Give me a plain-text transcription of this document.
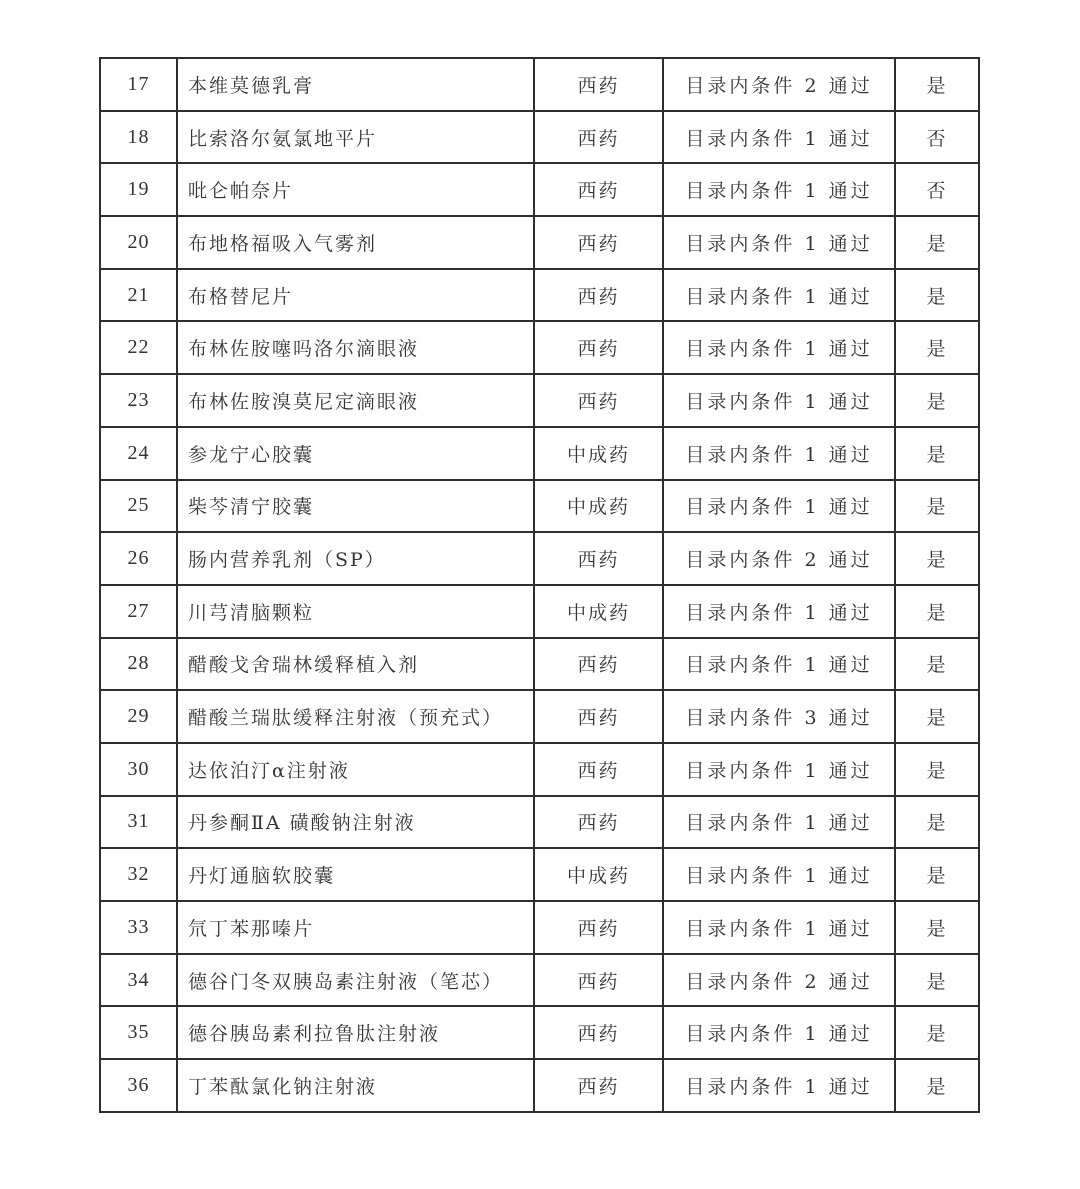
17	本维莫德乳膏	西药	目录内条件 2 通过	是
18	比索洛尔氨氯地平片	西药	目录内条件 1 通过	否
19	吡仑帕奈片	西药	目录内条件 1 通过	否
20	布地格福吸入气雾剂	西药	目录内条件 1 通过	是
21	布格替尼片	西药	目录内条件 1 通过	是
22	布林佐胺噻吗洛尔滴眼液	西药	目录内条件 1 通过	是
23	布林佐胺溴莫尼定滴眼液	西药	目录内条件 1 通过	是
24	参龙宁心胶囊	中成药	目录内条件 1 通过	是
25	柴芩清宁胶囊	中成药	目录内条件 1 通过	是
26	肠内营养乳剂（SP）	西药	目录内条件 2 通过	是
27	川芎清脑颗粒	中成药	目录内条件 1 通过	是
28	醋酸戈舍瑞林缓释植入剂	西药	目录内条件 1 通过	是
29	醋酸兰瑞肽缓释注射液（预充式）	西药	目录内条件 3 通过	是
30	达依泊汀α注射液	西药	目录内条件 1 通过	是
31	丹参酮ⅡA 磺酸钠注射液	西药	目录内条件 1 通过	是
32	丹灯通脑软胶囊	中成药	目录内条件 1 通过	是
33	氘丁苯那嗪片	西药	目录内条件 1 通过	是
34	德谷门冬双胰岛素注射液（笔芯）	西药	目录内条件 2 通过	是
35	德谷胰岛素利拉鲁肽注射液	西药	目录内条件 1 通过	是
36	丁苯酞氯化钠注射液	西药	目录内条件 1 通过	是
